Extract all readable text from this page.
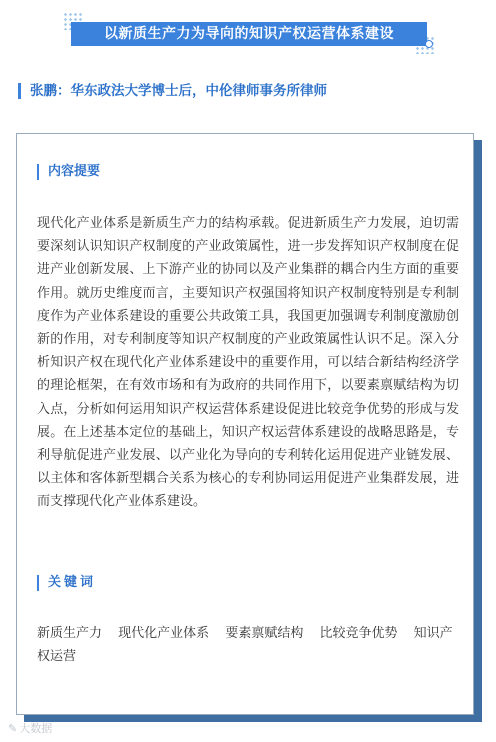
以新质生产力为导向的知识产权运营体系建设
张鹏：华东政法大学博士后，中伦律师事务所律师
内容提要

现代化产业体系是新质生产力的结构承载。促进新质生产力发展，迫切需要深刻认识知识产权制度的产业政策属性，进一步发挥知识产权制度在促进产业创新发展、上下游产业的协同以及产业集群的耦合内生方面的重要作用。就历史维度而言，主要知识产权强国将知识产权制度特别是专利制度作为产业体系建设的重要公共政策工具，我国更加强调专利制度激励创新的作用，对专利制度等知识产权制度的产业政策属性认识不足。深入分析知识产权在现代化产业体系建设中的重要作用，可以结合新结构经济学的理论框架，在有效市场和有为政府的共同作用下，以要素禀赋结构为切入点，分析如何运用知识产权运营体系建设促进比较竞争优势的形成与发展。在上述基本定位的基础上，知识产权运营体系建设的战略思路是，专利导航促进产业发展、以产业化为导向的专利转化运用促进产业链发展、以主体和客体新型耦合关系为核心的专利协同运用促进产业集群发展，进而支撑现代化产业体系建设。

关键词

新质生产力 现代化产业体系 要素禀赋结构 比较竞争优势 知识产权运营

✎ 大数据
